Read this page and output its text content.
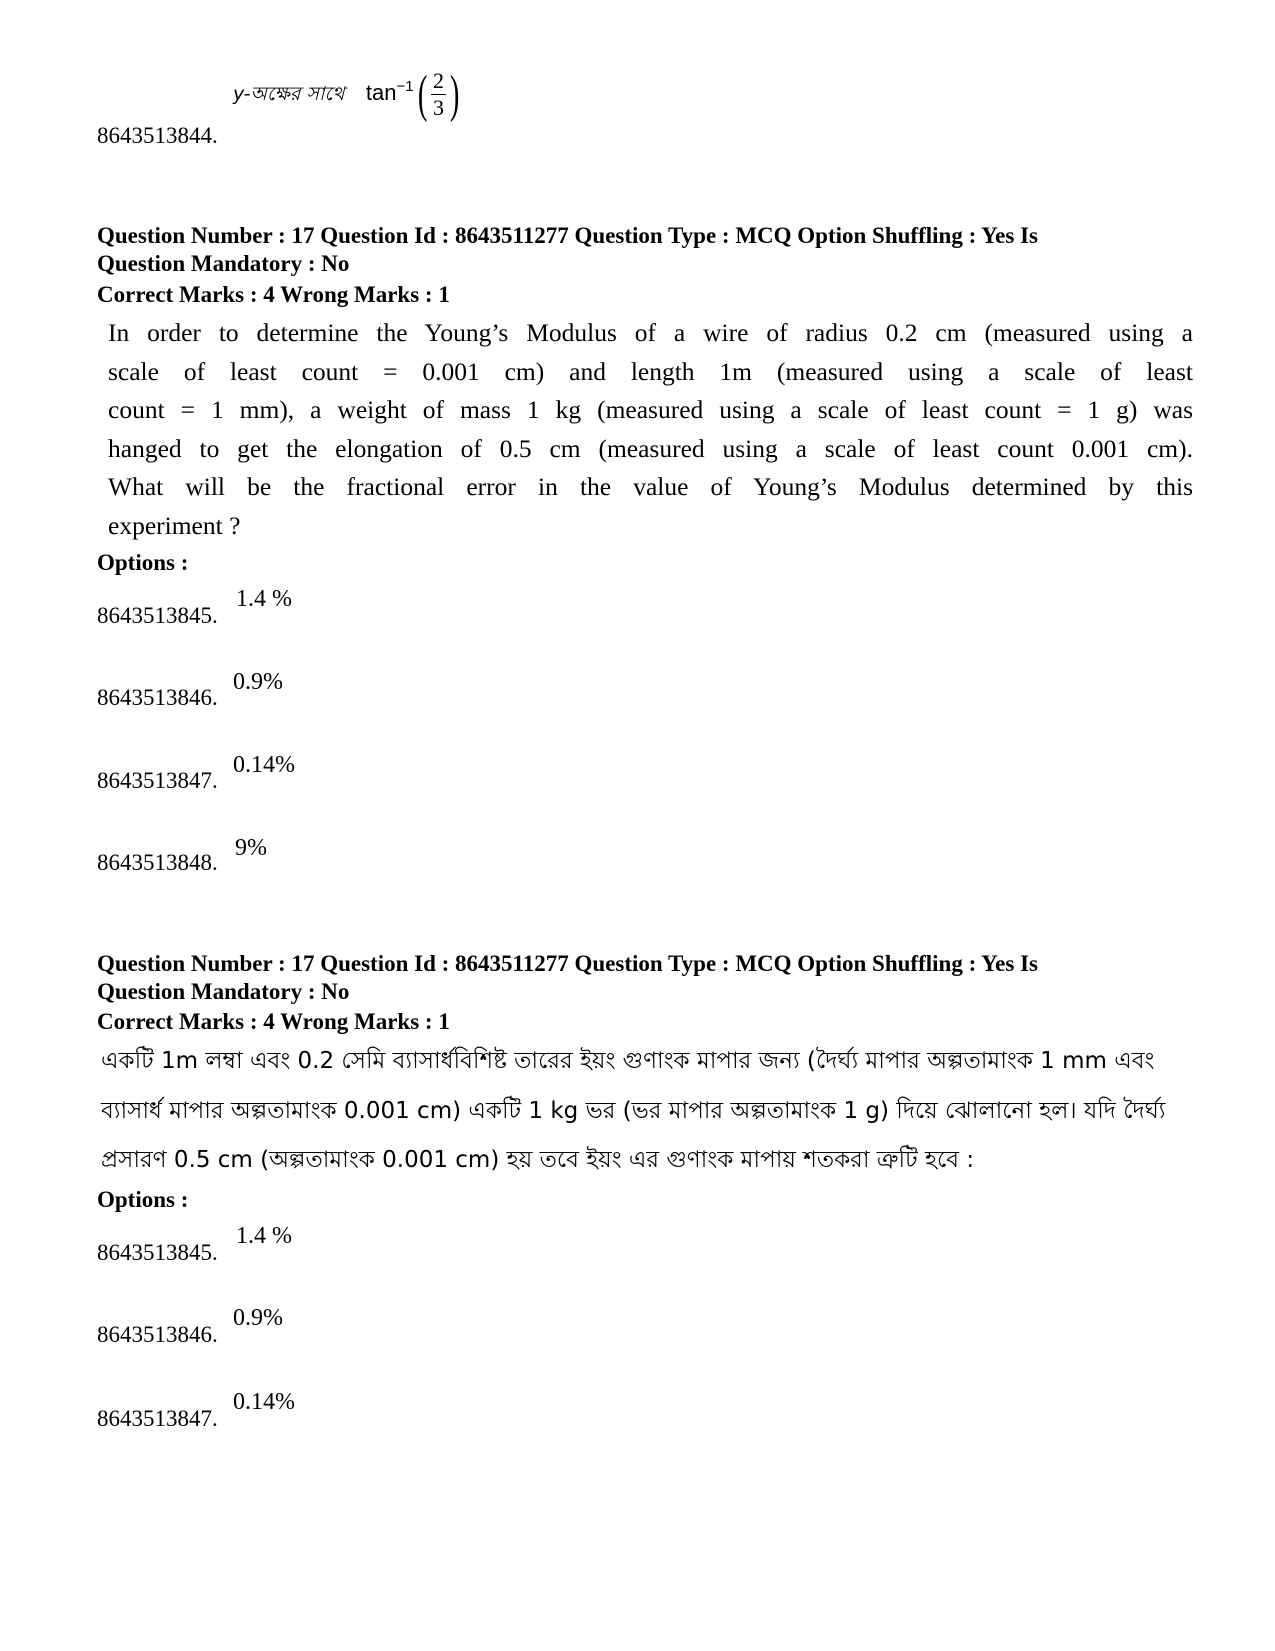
y-অক্ষের সাথে $\tan^{-1}( \frac{2}{3}$ )
8643513844.
Question Number : 17 Question Id : 8643511277 Question Type : MCQ Option Shuffling : Yes Is
Question Mandatory : No
Correct Marks : 4 Wrong Marks : 1
In order to determine the Young’s Modulus of a wire of radius 0.2 cm (measured using a
scale of least count = 0.001 cm) and length 1m (measured using a scale of least
count = 1 mm), a weight of mass 1 kg (measured using a scale of least count = 1 g) was
hanged to get the elongation of 0.5 cm (measured using a scale of least count 0.001 cm).
What will be the fractional error in the value of Young’s Modulus determined by this
experiment ?
Options :
8643513845.
1.4 %
8643513846.
0.9%
8643513847.
0.14%
8643513848.
9%
Question Number : 17 Question Id : 8643511277 Question Type : MCQ Option Shuffling : Yes Is
Question Mandatory : No
Correct Marks : 4 Wrong Marks : 1
একটি 1m লম্বা এবং 0.2 সেমি ব্যাসার্ধবিশিষ্ট তারের ইয়ং গুণাংক মাপার জন্য (দৈর্ঘ্য মাপার অল্পতামাংক 1 mm এবং
ব্যাসার্ধ মাপার অল্পতামাংক 0.001 cm) একটি 1 kg ভর (ভর মাপার অল্পতামাংক 1 g) দিয়ে ঝোলানো হল। যদি দৈর্ঘ্য
প্রসারণ 0.5 cm (অল্পতামাংক 0.001 cm) হয় তবে ইয়ং এর গুণাংক মাপায় শতকরা ত্রুটি হবে :
Options :
8643513845.
1.4 %
8643513846.
0.9%
8643513847.
0.14%
